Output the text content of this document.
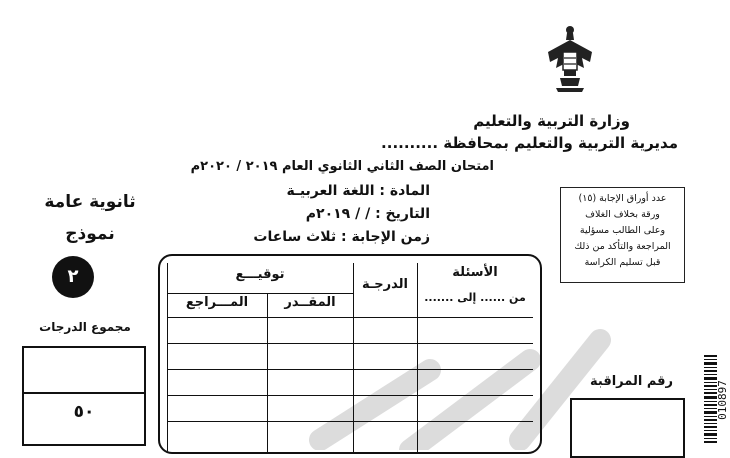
وزارة التربية والتعليم
مديرية التربية والتعليم بمحافظة ..........
امتحان الصف الثاني الثانوي العام ٢٠١٩ / ٢٠٢٠م
المادة : اللغة العربيـة
التاريخ : / / ٢٠١٩م
زمن الإجابة : ثلاث ساعات
عدد أوراق الإجابة (١٥)
ورقة بخلاف الغلاف
وعلى الطالب مسؤلية
المراجعة والتأكد من ذلك
قبل تسليم الكراسة
ثانوية عامة
نموذج
٢
مجموع الدرجات
٥٠
الأسئلة
من ...... إلى .......
الدرجـة
توقيـــع
المقــدر
المـــراجع
رقم المراقبة	010897
